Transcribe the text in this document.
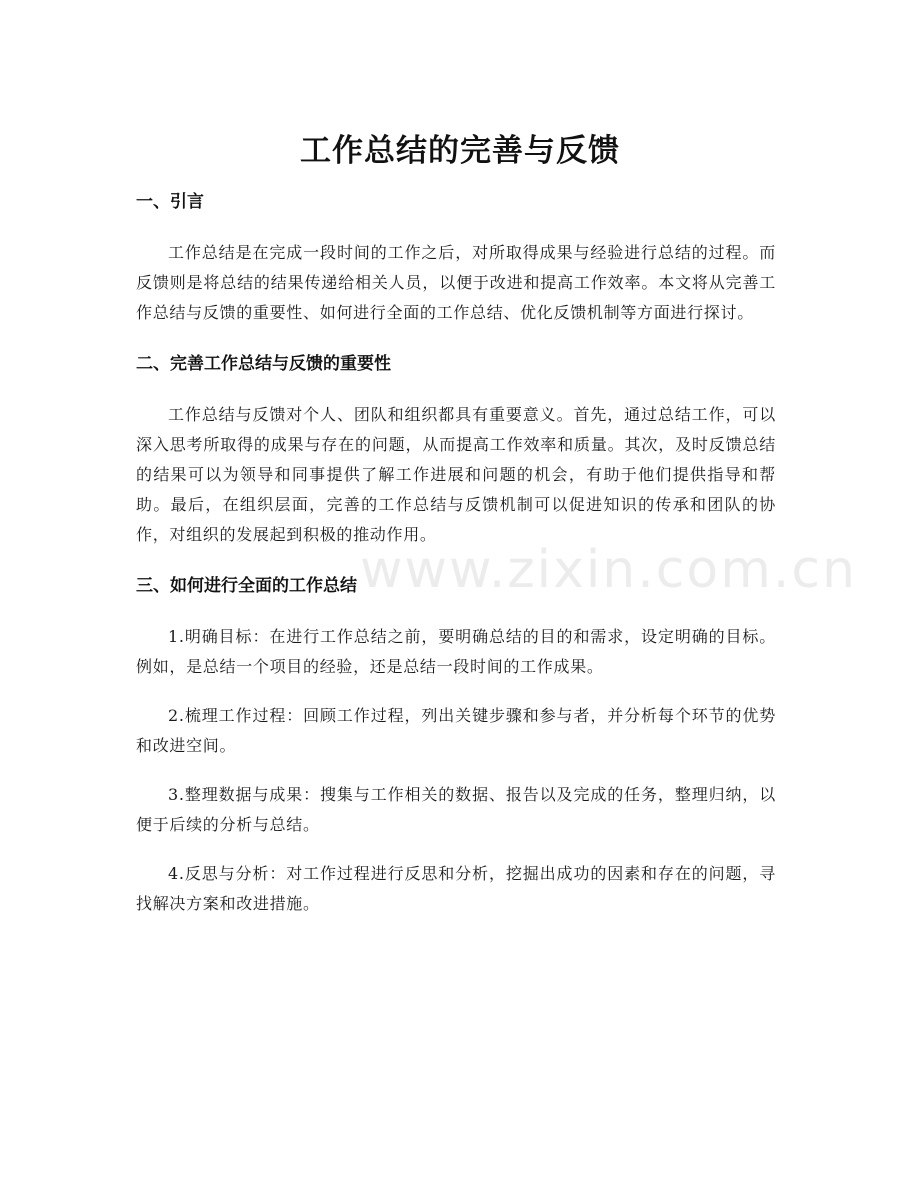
www.zixin.com.cn
工作总结的完善与反馈
一、引言

工作总结是在完成一段时间的工作之后，对所取得成果与经验进行总结的过程。而反馈则是将总结的结果传递给相关人员，以便于改进和提高工作效率。本文将从完善工作总结与反馈的重要性、如何进行全面的工作总结、优化反馈机制等方面进行探讨。

二、完善工作总结与反馈的重要性

工作总结与反馈对个人、团队和组织都具有重要意义。首先，通过总结工作，可以深入思考所取得的成果与存在的问题，从而提高工作效率和质量。其次，及时反馈总结的结果可以为领导和同事提供了解工作进展和问题的机会，有助于他们提供指导和帮助。最后，在组织层面，完善的工作总结与反馈机制可以促进知识的传承和团队的协作，对组织的发展起到积极的推动作用。

三、如何进行全面的工作总结

1.明确目标：在进行工作总结之前，要明确总结的目的和需求，设定明确的目标。例如，是总结一个项目的经验，还是总结一段时间的工作成果。

2.梳理工作过程：回顾工作过程，列出关键步骤和参与者，并分析每个环节的优势和改进空间。

3.整理数据与成果：搜集与工作相关的数据、报告以及完成的任务，整理归纳，以便于后续的分析与总结。

4.反思与分析：对工作过程进行反思和分析，挖掘出成功的因素和存在的问题，寻找解决方案和改进措施。
